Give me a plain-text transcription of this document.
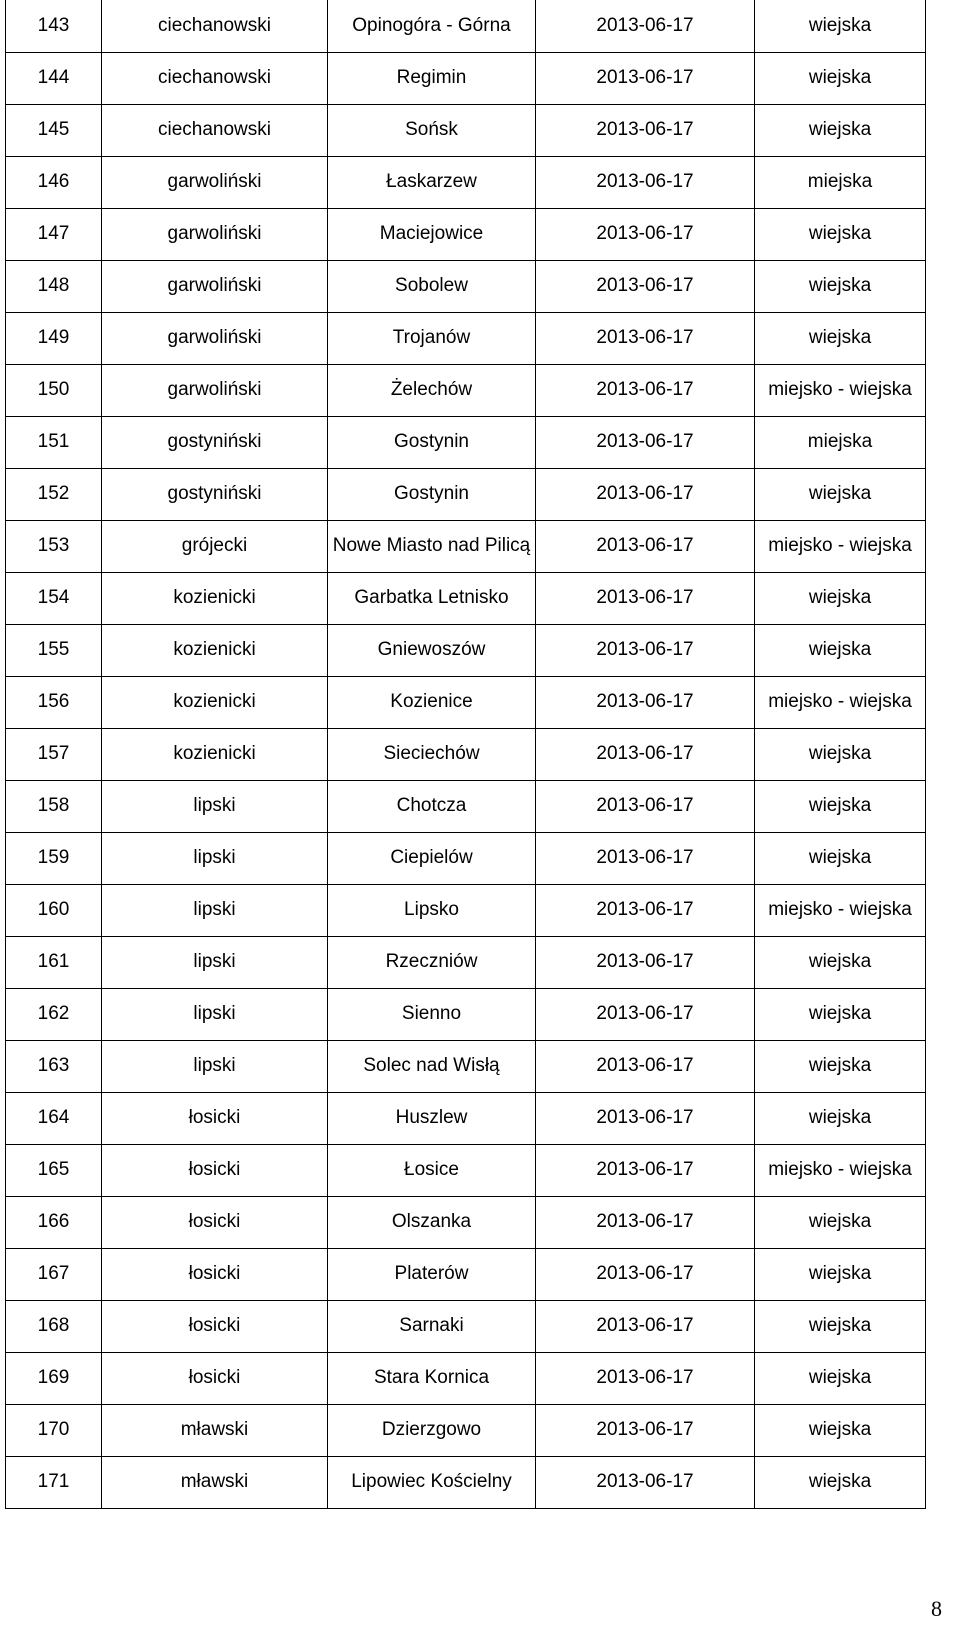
143	ciechanowski	Opinogóra - Górna	2013-06-17	wiejska
144	ciechanowski	Regimin	2013-06-17	wiejska
145	ciechanowski	Sońsk	2013-06-17	wiejska
146	garwoliński	Łaskarzew	2013-06-17	miejska
147	garwoliński	Maciejowice	2013-06-17	wiejska
148	garwoliński	Sobolew	2013-06-17	wiejska
149	garwoliński	Trojanów	2013-06-17	wiejska
150	garwoliński	Żelechów	2013-06-17	miejsko - wiejska
151	gostyniński	Gostynin	2013-06-17	miejska
152	gostyniński	Gostynin	2013-06-17	wiejska
153	grójecki	Nowe Miasto nad Pilicą	2013-06-17	miejsko - wiejska
154	kozienicki	Garbatka Letnisko	2013-06-17	wiejska
155	kozienicki	Gniewoszów	2013-06-17	wiejska
156	kozienicki	Kozienice	2013-06-17	miejsko - wiejska
157	kozienicki	Sieciechów	2013-06-17	wiejska
158	lipski	Chotcza	2013-06-17	wiejska
159	lipski	Ciepielów	2013-06-17	wiejska
160	lipski	Lipsko	2013-06-17	miejsko - wiejska
161	lipski	Rzeczniów	2013-06-17	wiejska
162	lipski	Sienno	2013-06-17	wiejska
163	lipski	Solec nad Wisłą	2013-06-17	wiejska
164	łosicki	Huszlew	2013-06-17	wiejska
165	łosicki	Łosice	2013-06-17	miejsko - wiejska
166	łosicki	Olszanka	2013-06-17	wiejska
167	łosicki	Platerów	2013-06-17	wiejska
168	łosicki	Sarnaki	2013-06-17	wiejska
169	łosicki	Stara Kornica	2013-06-17	wiejska
170	mławski	Dzierzgowo	2013-06-17	wiejska
171	mławski	Lipowiec Kościelny	2013-06-17	wiejska
8
